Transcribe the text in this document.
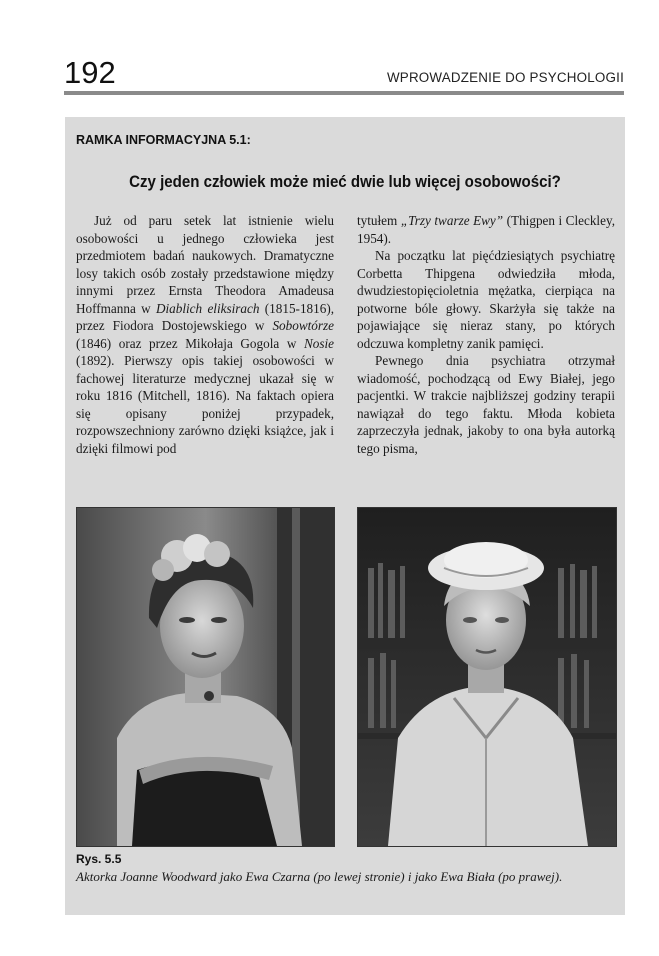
192	WPROWADZENIE DO PSYCHOLOGII
RAMKA INFORMACYJNA 5.1:
Czy jeden człowiek może mieć dwie lub więcej osobowości?

Już od paru setek lat istnienie wielu osobowości u jednego człowieka jest przedmiotem badań naukowych. Dramatyczne losy takich osób zostały przedstawione między innymi przez Ernsta Theodora Amadeusa Hoffmanna w Diablich eliksirach (1815-1816), przez Fiodora Dostojewskiego w Sobowtórze (1846) oraz przez Mikołaja Gogola w Nosie (1892). Pierwszy opis takiej osobowości w fachowej literaturze medycznej ukazał się w roku 1816 (Mitchell, 1816). Na faktach opiera się opisany poniżej przypadek, rozpowszechniony zarówno dzięki książce, jak i dzięki filmowi pod

tytułem „Trzy twarze Ewy” (Thigpen i Cleckley, 1954).

Na początku lat pięćdziesiątych psychiatrę Corbetta Thipgena odwiedziła młoda, dwudziestopięcioletnia mężatka, cierpiąca na potworne bóle głowy. Skarżyła się także na pojawiające się nieraz stany, po których odczuwa kompletny zanik pamięci.

Pewnego dnia psychiatra otrzymał wiadomość, pochodzącą od Ewy Białej, jego pacjentki. W trakcie najbliższej godziny terapii nawiązał do tego faktu. Młoda kobieta zaprzeczyła jednak, jakoby to ona była autorką tego pisma,

Rys. 5.5
Aktorka Joanne Woodward jako Ewa Czarna (po lewej stronie) i jako Ewa Biała (po prawej).
